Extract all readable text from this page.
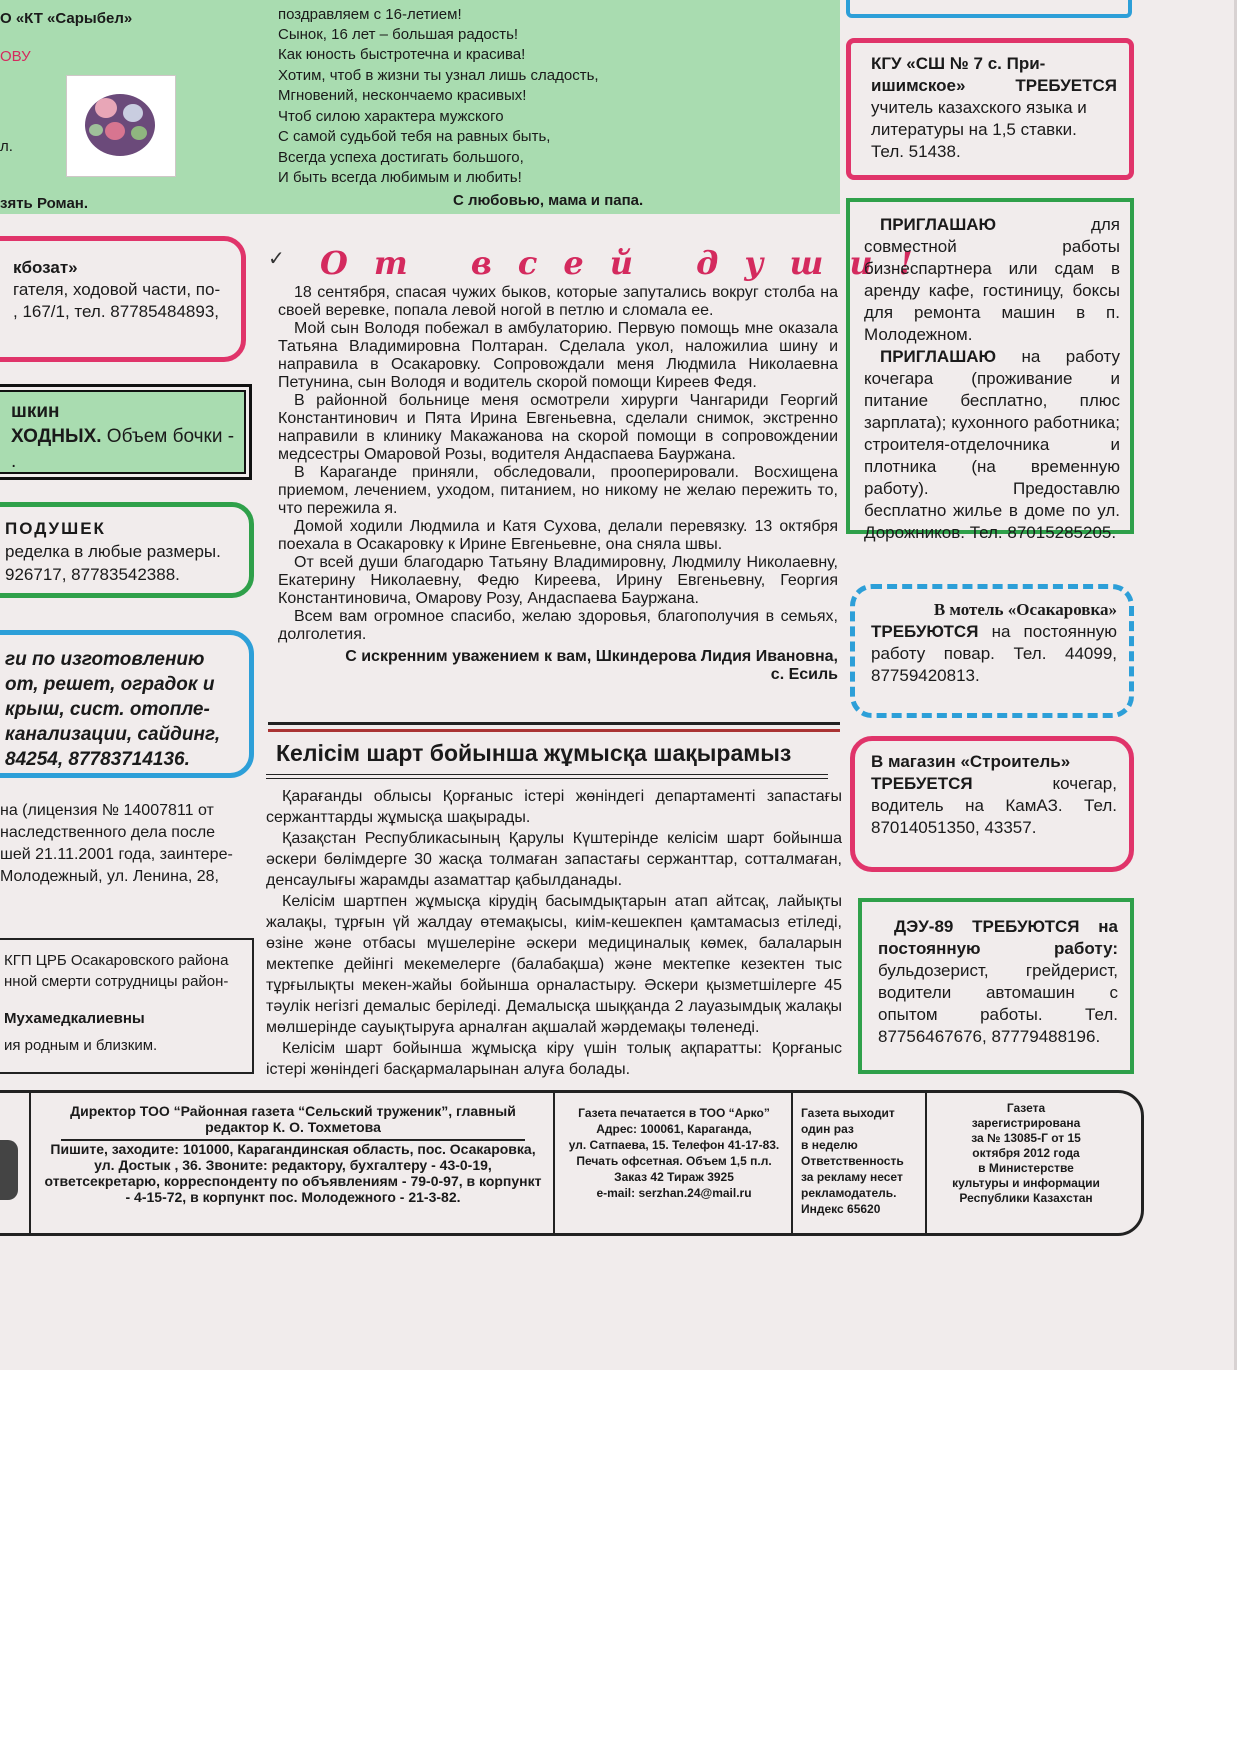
О «КТ «Сарыбел»
ОВУ
л.
зять Роман.
поздравляем с 16-летием!
Сынок, 16 лет – большая радость!
Как юность быстротечна и красива!
Хотим, чтоб в жизни ты узнал лишь сладость,
Мгновений, нескончаемо красивых!
Чтоб силою характера мужского
С самой судьбой тебя на равных быть,
Всегда успеха достигать большого,
И быть всегда любимым и любить!
С любовью, мама и папа.
кбозат»
гателя, ходовой части, по-
, 167/1, тел. 87785484893,
шкин
ХОДНЫХ. Объем бочки -
.
ПОДУШЕК
ределка в любые размеры.
926717, 87783542388.
ги по изготовлению
от, решет, оградок и
крыш, сист. отопле-
канализации, сайдинг,
84254, 87783714136.
на (лицензия № 14007811 от
наследственного дела после
шей 21.11.2001 года, заинтере-
Молодежный, ул. Ленина, 28,
КГП ЦРБ Осакаровского района
нной смерти сотрудницы район-
Мухамедкалиевны
ия родным и близким.
✓ От всей души!

18 сентября, спасая чужих быков, которые запутались вокруг столба на своей веревке, попала левой ногой в петлю и сломала ее.

Мой сын Володя побежал в амбулаторию. Первую помощь мне оказала Татьяна Владимировна Полтаран. Сделала укол, наложилиа шину и направила в Осакаровку. Сопровождали меня Людмила Николаевна Петунина, сын Володя и водитель скорой помощи Киреев Федя.

В районной больнице меня осмотрели хирурги Чангариди Георгий Константинович и Пята Ирина Евгеньевна, сделали снимок, экстренно направили в клинику Макажанова на скорой помощи в сопровождении медсестры Омаровой Розы, водителя Андаспаева Бауржана.

В Караганде приняли, обследовали, прооперировали. Восхищена приемом, лечением, уходом, питанием, но никому не желаю пережить то, что пережила я.

Домой ходили Людмила и Катя Сухова, делали перевязку. 13 октября поехала в Осакаровку к Ирине Евгеньевне, она сняла швы.

От всей души благодарю Татьяну Владимировну, Людмилу Николаевну, Екатерину Николаевну, Федю Киреева, Ирину Евгеньевну, Георгия Константиновича, Омарову Розу, Андаспаева Бауржана.

Всем вам огромное спасибо, желаю здоровья, благополучия в семьях, долголетия.

С искренним уважением к вам, Шкиндерова Лидия Ивановна,
с. Есиль
Келісім шарт бойынша жұмысқа шақырамыз

Қарағанды облысы Қорғаныс істері жөніндегі департаменті запастағы сержанттарды жұмысқа шақырады.

Қазақстан Республикасының Қарулы Күштерінде келісім шарт бойынша әскери бөлімдерге 30 жасқа толмаған запастағы сержанттар, сотталмаған, денсаулығы жарамды азаматтар қабылданады.

Келісім шартпен жұмысқа кірудің басымдықтарын атап айтсақ, лайықты жалақы, тұрғын үй жалдау өтемақысы, киім-кешекпен қамтамасыз етіледі, өзіне және отбасы мүшелеріне әскери медициналық көмек, балаларын мектепке дейінгі мекемелерге (балабақша) және мектепке кезектен тыс тұрғылықты мекен-жайы бойынша орналастыру. Әскери қызметшілерге 45 тәулік негізгі демалыс беріледі. Демалысқа шыққанда 2 лауазымдық жалақы мөлшерінде сауықтыруға арналған ақшалай жәрдемақы төленеді.

Келісім шарт бойынша жұмысқа кіру үшін толық ақпаратты: Қорғаныс істері жөніндегі басқармаларынан алуға болады.

КГУ «СШ № 7 с. При-
ишимское»	ТРЕБУЕТСЯ
учитель казахского языка и
литературы на 1,5 ставки.
Тел. 51438.

ПРИГЛАШАЮ для совместной работы бизнеспартнера или сдам в аренду кафе, гостиницу, боксы для ремонта машин в п. Молодежном.

ПРИГЛАШАЮ на работу кочегара (проживание и питание бесплатно, плюс зарплата); кухонного работника; строителя-отделочника и плотника (на временную работу). Предоставлю бесплатно жилье в доме по ул. Дорожников. Тел. 87015285205.

В мотель «Осакаровка»

ТРЕБУЮТСЯ на постоянную работу повар. Тел. 44099, 87759420813.

В магазин «Строитель»

ТРЕБУЕТСЯ кочегар, водитель на КамАЗ. Тел. 87014051350, 43357.

ДЭУ-89 ТРЕБУЮТСЯ на постоянную работу: бульдозерист, грейдерист, водители автомашин с опытом работы. Тел. 87756467676, 87779488196.

Директор ТОО “Районная газета “Сельский труженик”, главный редактор К. О. Тохметова
Пишите, заходите: 101000, Карагандинская область, пос. Осакаровка, ул. Достык , 36. Звоните: редактору, бухгалтеру - 43-0-19, ответсекретарю, корреспонденту по объявлениям - 79-0-97, в корпункт - 4-15-72, в корпункт пос. Молодежного - 21-3-82.
Газета печатается в ТОО “Арко”
Адрес: 100061, Караганда,
ул. Сатпаева, 15. Телефон 41-17-83.
Печать офсетная. Объем 1,5 п.л.
Заказ 42 Тираж 3925
e-mail: serzhan.24@mail.ru
Газета выходит
один раз
в неделю
Ответственность
за рекламу несет
рекламодатель.
Индекс 65620
Газета
зарегистрирована
за № 13085-Г от 15
октября 2012 года
в Министерстве
культуры и информации
Республики Казахстан
